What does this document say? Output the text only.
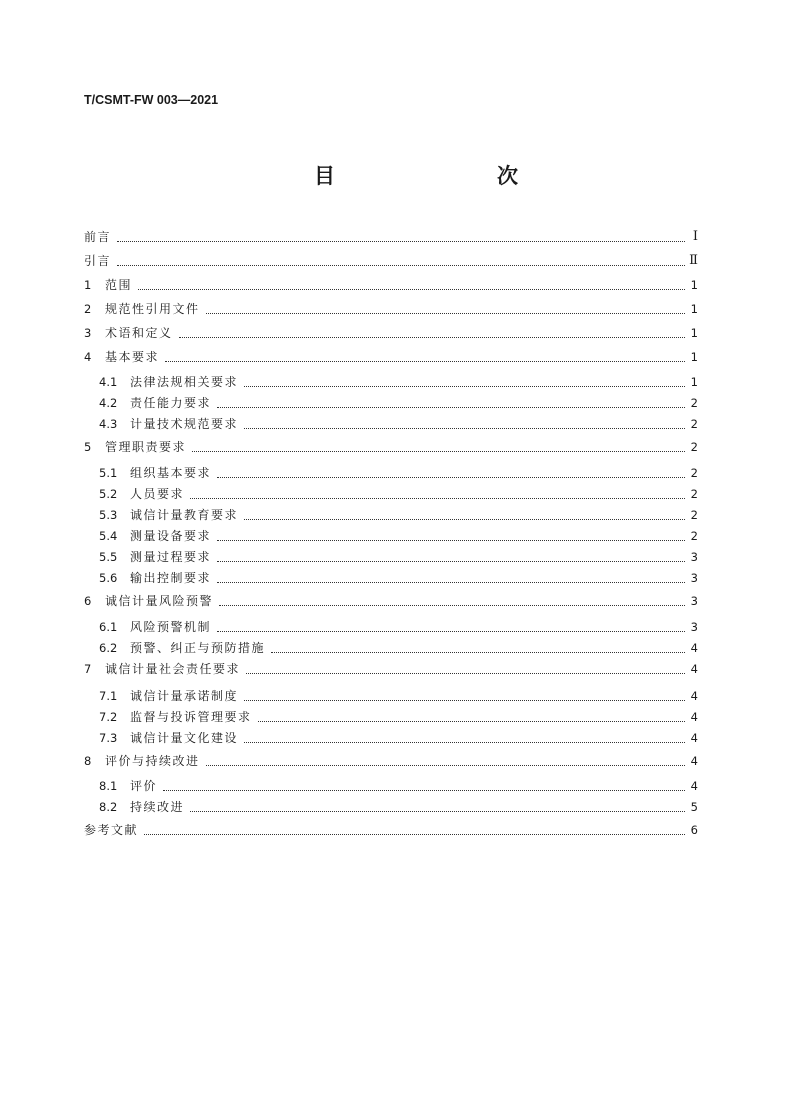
T/CSMT-FW 003—2021
目　　次
前言	Ⅰ
引言	Ⅱ
1 范围	1
2 规范性引用文件	1
3 术语和定义	1
4 基本要求	1
4.1 法律法规相关要求	1
4.2 责任能力要求	2
4.3 计量技术规范要求	2
5 管理职责要求	2
5.1 组织基本要求	2
5.2 人员要求	2
5.3 诚信计量教育要求	2
5.4 测量设备要求	2
5.5 测量过程要求	3
5.6 输出控制要求	3
6 诚信计量风险预警	3
6.1 风险预警机制	3
6.2 预警、纠正与预防措施	4
7 诚信计量社会责任要求	4
7.1 诚信计量承诺制度	4
7.2 监督与投诉管理要求	4
7.3 诚信计量文化建设	4
8 评价与持续改进	4
8.1 评价	4
8.2 持续改进	5
参考文献	6
